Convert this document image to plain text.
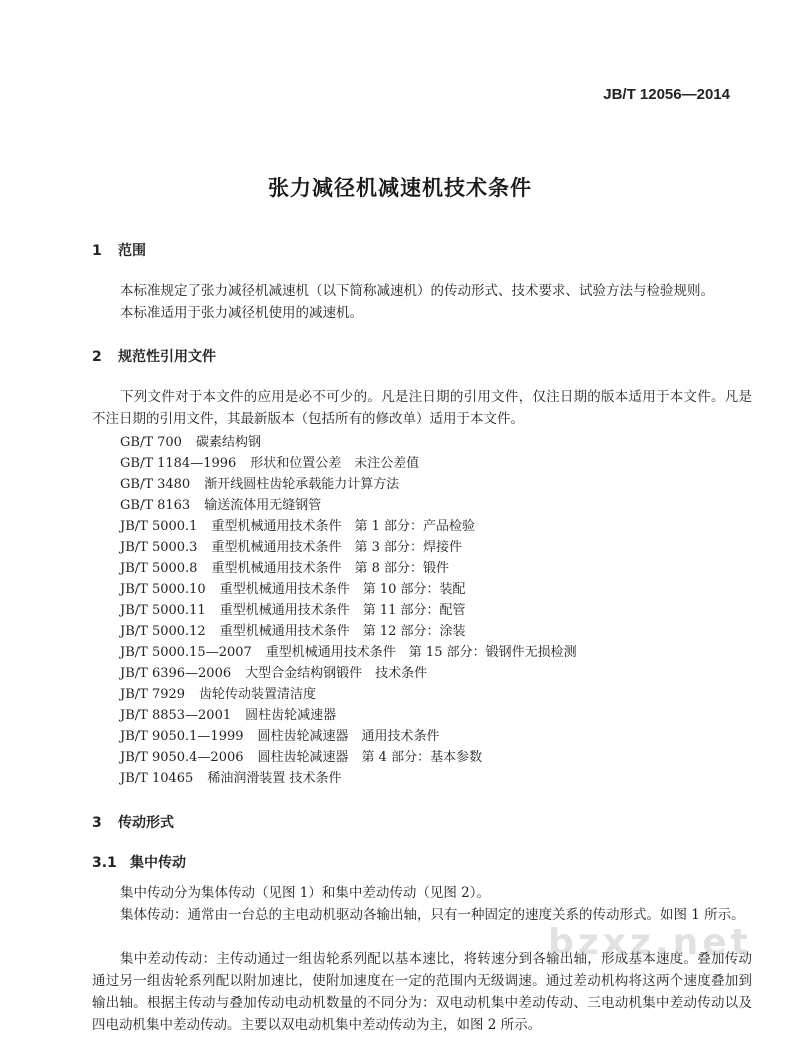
JB/T 12056—2014
张力减径机减速机技术条件
1 范围
本标准规定了张力减径机减速机（以下简称减速机）的传动形式、技术要求、试验方法与检验规则。
本标准适用于张力减径机使用的减速机。
2 规范性引用文件
下列文件对于本文件的应用是必不可少的。凡是注日期的引用文件，仅注日期的版本适用于本文件。凡是不注日期的引用文件，其最新版本（包括所有的修改单）适用于本文件。
GB/T 700 碳素结构钢
GB/T 1184—1996 形状和位置公差　未注公差值
GB/T 3480 渐开线圆柱齿轮承载能力计算方法
GB/T 8163 输送流体用无缝钢管
JB/T 5000.1 重型机械通用技术条件　第 1 部分：产品检验
JB/T 5000.3 重型机械通用技术条件　第 3 部分：焊接件
JB/T 5000.8 重型机械通用技术条件　第 8 部分：锻件
JB/T 5000.10 重型机械通用技术条件　第 10 部分：装配
JB/T 5000.11 重型机械通用技术条件　第 11 部分：配管
JB/T 5000.12 重型机械通用技术条件　第 12 部分：涂装
JB/T 5000.15—2007 重型机械通用技术条件　第 15 部分：锻钢件无损检测
JB/T 6396—2006 大型合金结构钢锻件　技术条件
JB/T 7929 齿轮传动装置清洁度
JB/T 8853—2001 圆柱齿轮减速器
JB/T 9050.1—1999 圆柱齿轮减速器　通用技术条件
JB/T 9050.4—2006 圆柱齿轮减速器　第 4 部分：基本参数
JB/T 10465 稀油润滑装置 技术条件
3 传动形式
3.1 集中传动
集中传动分为集体传动（见图 1）和集中差动传动（见图 2）。
集体传动：通常由一台总的主电动机驱动各输出轴，只有一种固定的速度关系的传动形式。如图 1 所示。
集中差动传动：主传动通过一组齿轮系列配以基本速比，将转速分到各输出轴，形成基本速度。叠加传动通过另一组齿轮系列配以附加速比，使附加速度在一定的范围内无级调速。通过差动机构将这两个速度叠加到输出轴。根据主传动与叠加传动电动机数量的不同分为：双电动机集中差动传动、三电动机集中差动传动以及四电动机集中差动传动。主要以双电动机集中差动传动为主，如图 2 所示。
bzxz.net
